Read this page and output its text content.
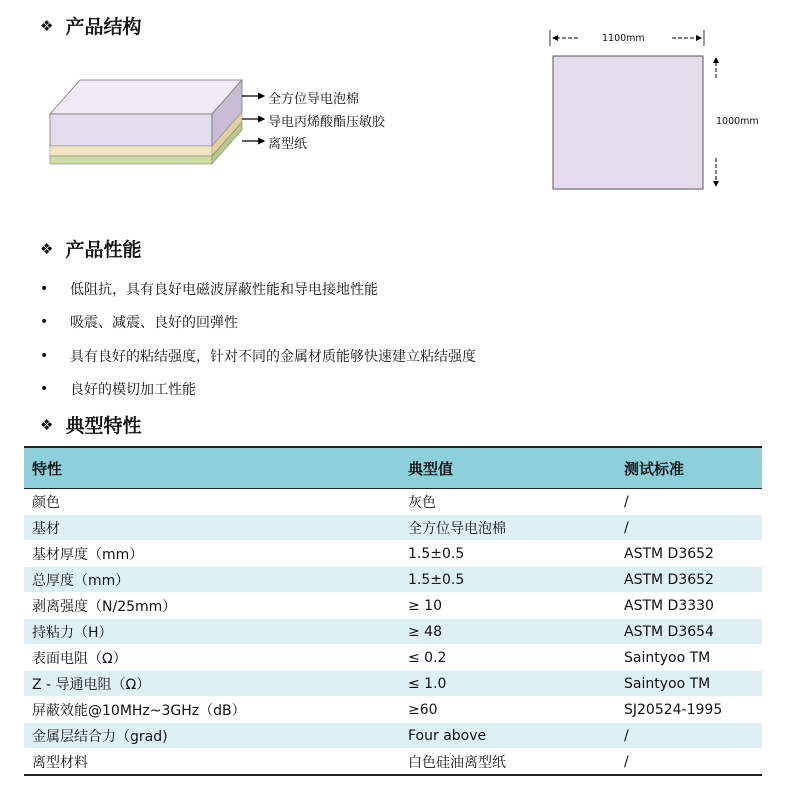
❖ 产品结构
全方位导电泡棉
导电丙烯酸酯压敏胶
离型纸
1100mm
1000mm
❖ 产品性能
•	低阻抗，具有良好电磁波屏蔽性能和导电接地性能
•	吸震、减震、良好的回弹性
•	具有良好的粘结强度，针对不同的金属材质能够快速建立粘结强度
•	良好的模切加工性能
❖ 典型特性
特性	典型值	测试标准
颜色	灰色	/
基材	全方位导电泡棉	/
基材厚度（mm）	1.5±0.5	ASTM D3652
总厚度（mm）	1.5±0.5	ASTM D3652
剥离强度（N/25mm）	≥ 10	ASTM D3330
持粘力（H）	≥ 48	ASTM D3654
表面电阻（Ω）	≤ 0.2	Saintyoo TM
Z - 导通电阻（Ω）	≤ 1.0	Saintyoo TM
屏蔽效能@10MHz~3GHz（dB）	≥60	SJ20524-1995
金属层结合力（grad)	Four above	/
离型材料	白色硅油离型纸	/
